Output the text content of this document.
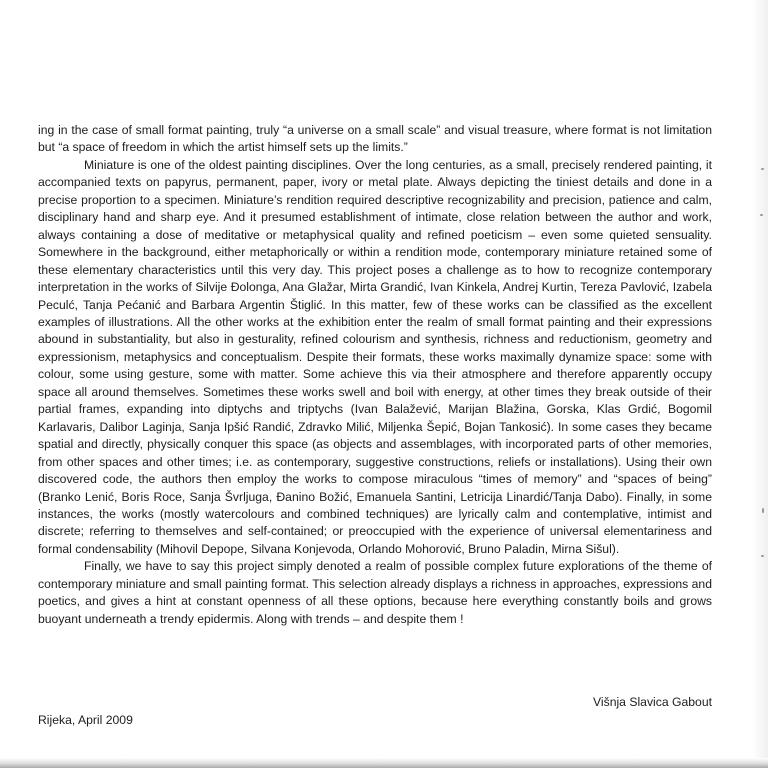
ing in the case of small format painting, truly “a universe on a small scale” and visual treasure, where format is not limitation but “a space of freedom in which the artist himself sets up the limits.”

Miniature is one of the oldest painting disciplines. Over the long centuries, as a small, precisely rendered painting, it accompanied texts on papyrus, permanent, paper, ivory or metal plate. Always depicting the tiniest details and done in a precise proportion to a specimen. Miniature’s rendition required descriptive recognizability and precision, patience and calm, disciplinary hand and sharp eye. And it presumed establishment of intimate, close relation between the author and work, always containing a dose of meditative or metaphysical quality and refined poeticism – even some quieted sensuality. Somewhere in the background, either metaphorically or within a rendition mode, contemporary miniature retained some of these elementary characteristics until this very day. This project poses a challenge as to how to recognize contemporary interpretation in the works of Silvije Đolonga, Ana Glažar, Mirta Grandić, Ivan Kinkela, Andrej Kurtin, Tereza Pavlović, Izabela Peculć, Tanja Pećanić and Barbara Argentin Štiglić. In this matter, few of these works can be classified as the excellent examples of illustrations. All the other works at the exhibition enter the realm of small format painting and their expressions abound in substantiality, but also in gesturality, refined colourism and synthesis, richness and reductionism, geometry and expressionism, metaphysics and conceptualism. Despite their formats, these works maximally dynamize space: some with colour, some using gesture, some with matter. Some achieve this via their atmosphere and therefore apparently occupy space all around themselves. Sometimes these works swell and boil with energy, at other times they break outside of their partial frames, expanding into diptychs and triptychs (Ivan Balažević, Marijan Blažina, Gorska, Klas Grdić, Bogomil Karlavaris, Dalibor Laginja, Sanja Ipšić Randić, Zdravko Milić, Miljenka Šepić, Bojan Tankosić). In some cases they became spatial and directly, physically conquer this space (as objects and assemblages, with incorporated parts of other memories, from other spaces and other times; i.e. as contemporary, suggestive constructions, reliefs or installations). Using their own discovered code, the authors then employ the works to compose miraculous “times of memory” and “spaces of being” (Branko Lenić, Boris Roce, Sanja Švrljuga, Đanino Božić, Emanuela Santini, Letricija Linardić/Tanja Dabo). Finally, in some instances, the works (mostly watercolours and combined techniques) are lyrically calm and contemplative, intimist and discrete; referring to themselves and self-contained; or preoccupied with the experience of universal elementariness and formal condensability (Mihovil Depope, Silvana Konjevoda, Orlando Mohorović, Bruno Paladin, Mirna Sišul).

Finally, we have to say this project simply denoted a realm of possible complex future explorations of the theme of contemporary miniature and small painting format. This selection already displays a richness in approaches, expressions and poetics, and gives a hint at constant openness of all these options, because here everything constantly boils and grows buoyant underneath a trendy epidermis. Along with trends – and despite them !

Višnja Slavica Gabout
Rijeka, April 2009
